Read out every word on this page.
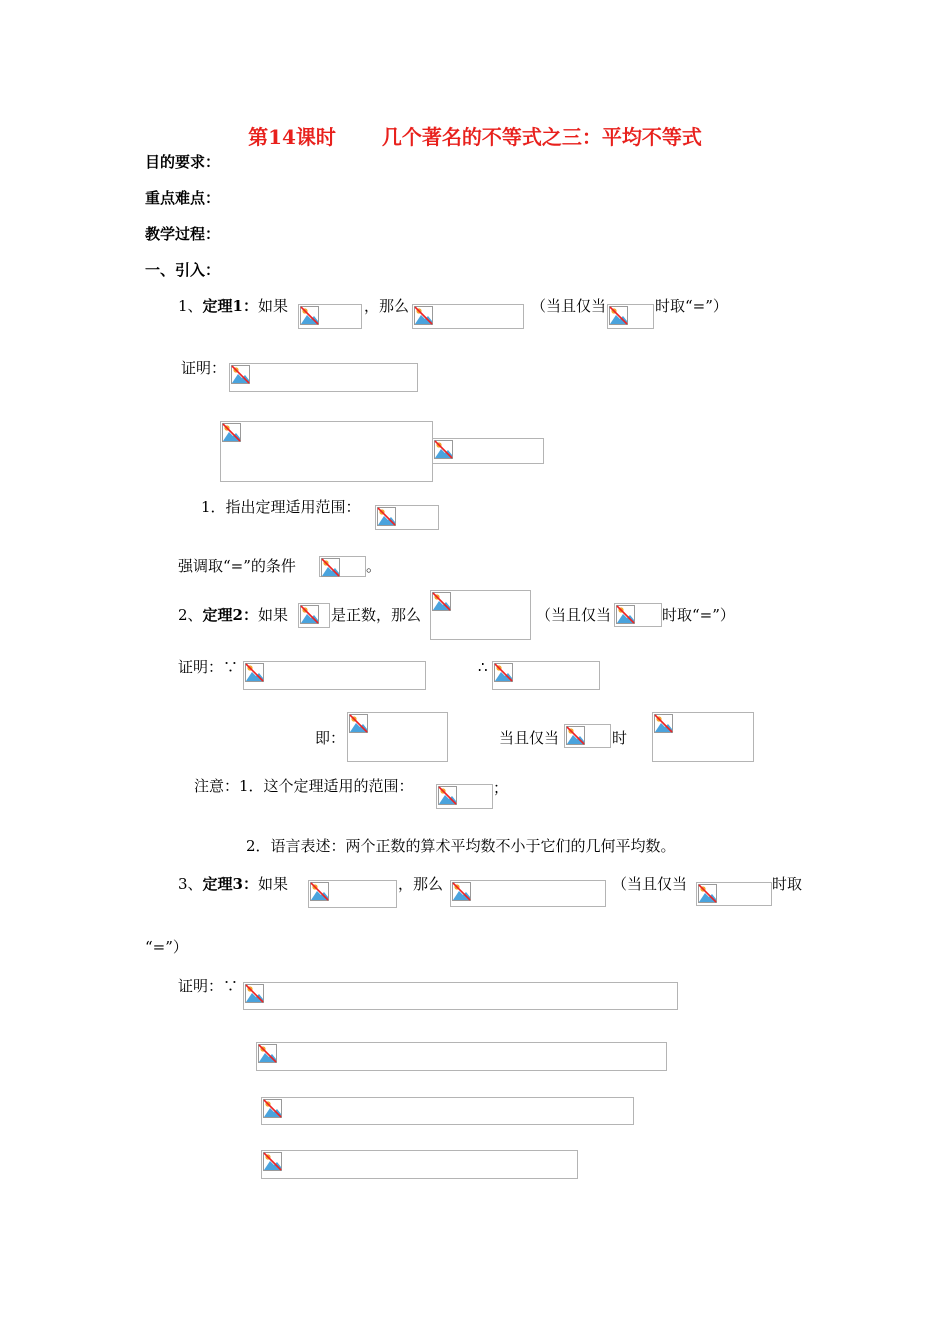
第14课时 几个著名的不等式之三：平均不等式
目的要求：
重点难点：
教学过程：
一、引入：
1、定理1：如果	，那么	（当且仅当	时取“=”）
证明：
1．指出定理适用范围：
强调取“=”的条件	。
2、定理2：如果	是正数，那么	（当且仅当	时取“=”）
证明：∵	∴
即：	当且仅当	时
注意：1．这个定理适用的范围：	；
2．语言表述：两个正数的算术平均数不小于它们的几何平均数。
3、定理3：如果	，那么	（当且仅当	时取
“=”）
证明：∵
